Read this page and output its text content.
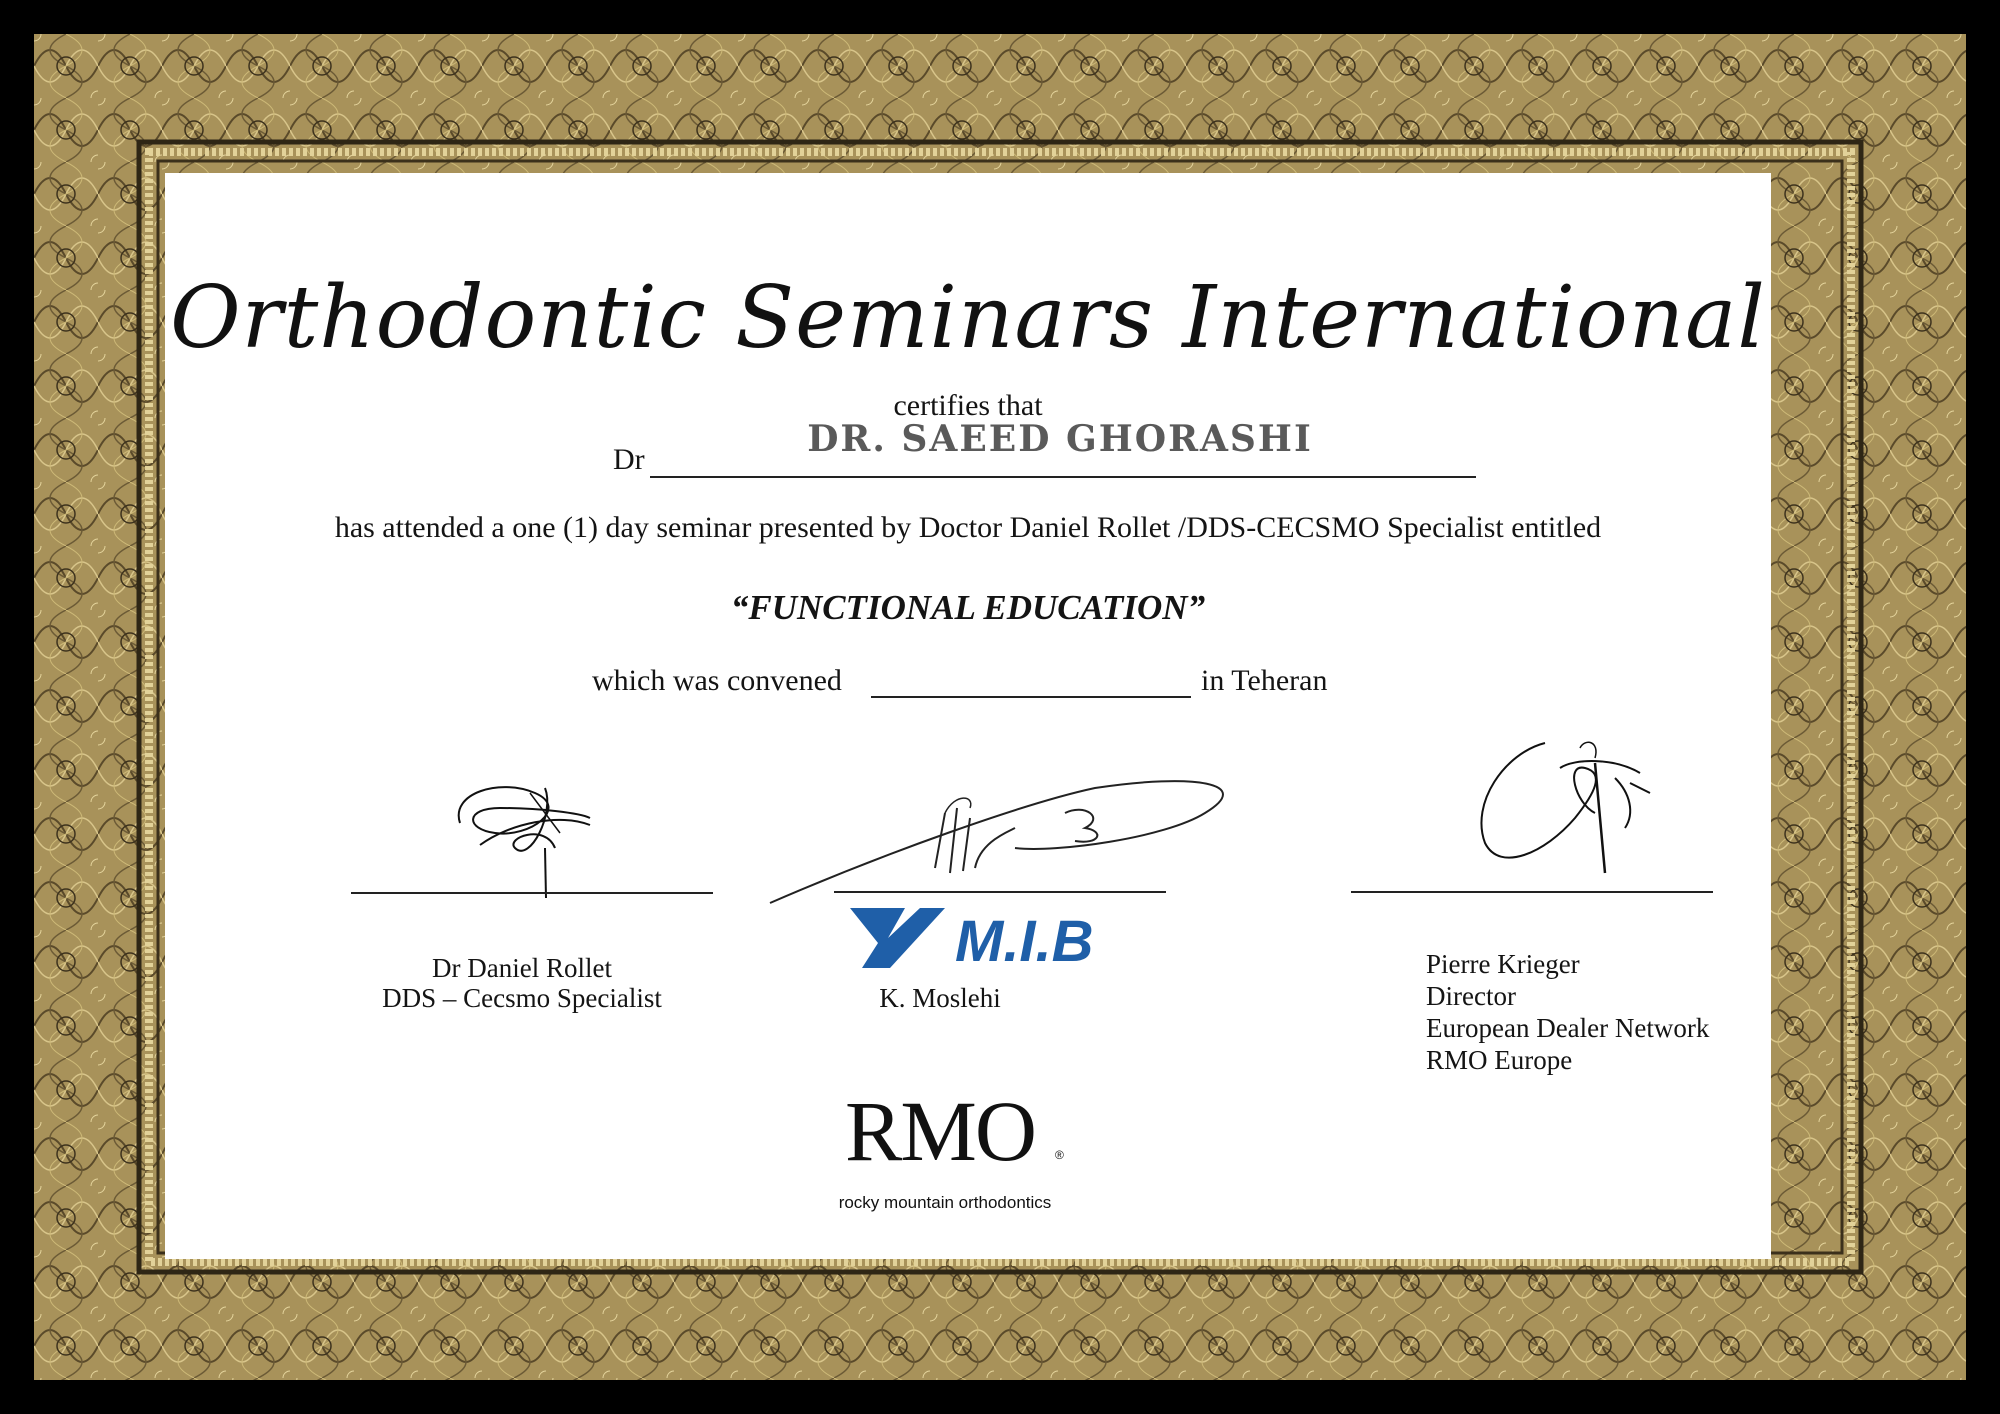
Orthodontic Seminars International
certifies that
Dr	DR. SAEED GHORASHI
has attended a one (1) day seminar presented by Doctor Daniel Rollet /DDS-CECSMO Specialist entitled
“FUNCTIONAL EDUCATION”
which was convened	in Teheran
M.I.B
Dr Daniel Rollet
DDS – Cecsmo Specialist	K. Moslehi
Pierre Krieger
Director
European Dealer Network
RMO Europe
RMO	®
rocky mountain orthodontics
